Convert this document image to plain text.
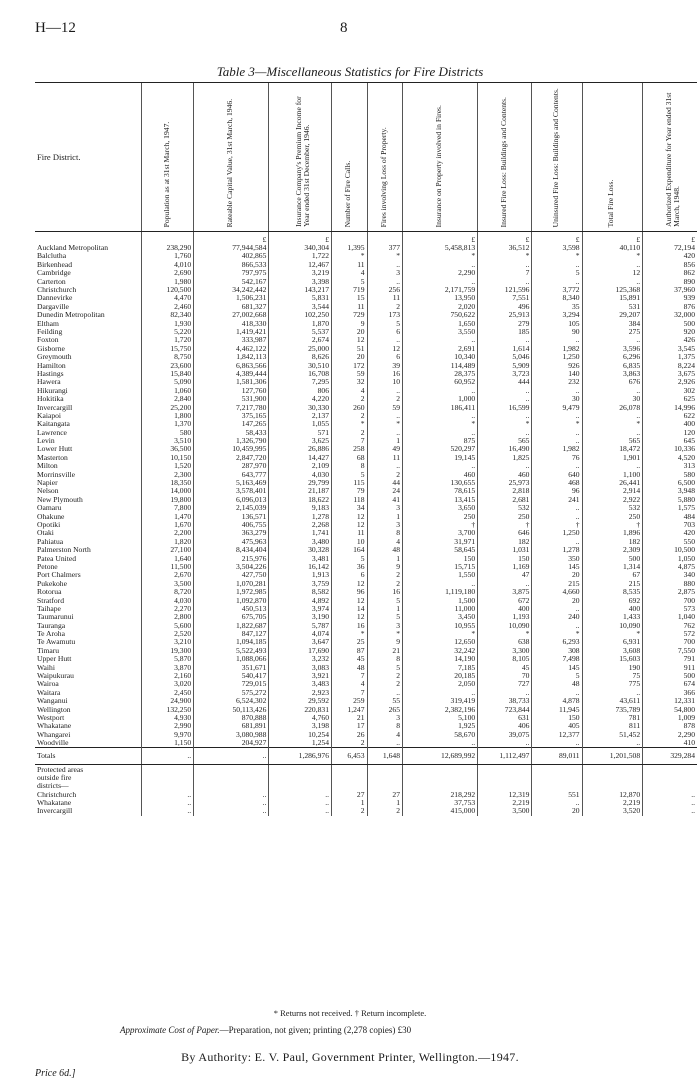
H—12	8
Table 3—Miscellaneous Statistics for Fire Districts
Fire District.	Population as at 31st March, 1947.	Rateable Capital Value, 31st March, 1946.	Insurance Company's Premium Income for Year ended 31st December, 1946.	Number of Fire Calls.	Fires involving Loss of Property.	Insurance on Property involved in Fires.	Insured Fire Loss: Buildings and Contents.	Uninsured Fire Loss: Buildings and Contents.	Total Fire Loss.	Authorized Expenditure for Year ended 31st March, 1948.

		£	£			£	£	£	£	£
Auckland Metropolitan	238,290	77,944,584	340,304	1,395	377	5,458,813	36,512	3,598	40,110	72,194
Balclutha	1,760	402,865	1,722	*	*	*	*	*	*	420
Birkenhead	4,010	866,533	12,467	11	..	..	..	..	..	856
Cambridge	2,690	797,975	3,219	4	3	2,290	7	5	12	862
Carterton	1,980	542,167	3,398	5	..	..	..	..	..	890
Christchurch	120,500	34,242,442	143,217	719	256	2,171,759	121,596	3,772	125,368	37,960
Dannevirke	4,470	1,506,231	5,831	15	11	13,950	7,551	8,340	15,891	939
Dargaville	2,460	681,327	3,544	11	2	2,020	496	35	531	876
Dunedin Metropolitan	82,340	27,002,668	102,250	729	173	750,622	25,913	3,294	29,207	32,000
Eltham	1,930	418,330	1,870	9	5	1,650	279	105	384	500
Feilding	5,220	1,419,421	5,537	20	6	3,550	185	90	275	920
Foxton	1,720	333,987	2,674	12	..	..	..	..	..	426
Gisborne	15,750	4,462,122	25,000	51	12	2,691	1,614	1,982	3,596	3,545
Greymouth	8,750	1,842,113	8,626	20	6	10,340	5,046	1,250	6,296	1,375
Hamilton	23,600	6,863,566	30,510	172	39	114,489	5,909	926	6,835	8,224
Hastings	15,840	4,389,444	16,708	59	16	28,375	3,723	140	3,863	3,675
Hawera	5,090	1,581,306	7,295	32	10	60,952	444	232	676	2,926
Hikurangi	1,060	127,760	806	4	..	..	..	..	..	302
Hokitika	2,840	531,900	4,220	2	2	1,000	..	30	30	625
Invercargill	25,200	7,217,780	30,330	260	59	186,411	16,599	9,479	26,078	14,996
Kaiapoi	1,800	375,165	2,137	2	..	..	..	..	..	622
Kaitangata	1,370	147,265	1,055	*	*	*	*	*	*	400
Lawrence	580	58,433	571	2	..	..	..	..	..	120
Levin	3,510	1,326,790	3,625	7	1	875	565	..	565	645
Lower Hutt	36,500	10,459,995	26,886	258	49	520,297	16,490	1,982	18,472	10,336
Masterton	10,150	2,847,720	14,427	68	11	19,145	1,825	76	1,901	4,520
Milton	1,520	287,970	2,109	8	..	..	..	..	..	313
Morrinsville	2,300	643,777	4,030	5	2	460	460	640	1,100	580
Napier	18,350	5,163,469	29,799	115	44	130,655	25,973	468	26,441	6,500
Nelson	14,000	3,578,401	21,187	79	24	78,615	2,818	96	2,914	3,948
New Plymouth	19,800	6,096,013	18,622	118	41	13,415	2,681	241	2,922	5,880
Oamaru	7,800	2,145,039	9,183	34	3	3,650	532	..	532	1,575
Ohakune	1,470	136,571	1,278	12	1	250	250	..	250	484
Opotiki	1,670	406,755	2,268	12	3	†	†	†	†	703
Otaki	2,200	363,279	1,741	11	8	3,700	646	1,250	1,896	420
Pahiatua	1,820	475,963	3,480	10	4	31,971	182	..	182	550
Palmerston North	27,100	8,434,404	30,328	164	48	58,645	1,031	1,278	2,309	10,500
Patea United	1,640	215,976	3,481	5	1	150	150	350	500	1,050
Petone	11,500	3,504,226	16,142	36	9	15,715	1,169	145	1,314	4,875
Port Chalmers	2,670	427,750	1,913	6	2	1,550	47	20	67	340
Pukekohe	3,500	1,070,281	3,759	12	2	..	..	215	215	880
Rotorua	8,720	1,972,985	8,582	96	16	1,119,180	3,875	4,660	8,535	2,875
Stratford	4,030	1,092,870	4,892	12	5	1,500	672	20	692	700
Taihape	2,270	450,513	3,974	14	1	11,000	400	..	400	573
Taumarunui	2,800	675,705	3,190	12	5	3,450	1,193	240	1,433	1,040
Tauranga	5,600	1,822,687	5,787	16	3	10,955	10,090	..	10,090	762
Te Aroha	2,520	847,127	4,074	*	*	*	*	*	*	572
Te Awamutu	3,210	1,094,185	3,647	25	9	12,650	638	6,293	6,931	700
Timaru	19,300	5,522,493	17,690	87	21	32,242	3,300	308	3,608	7,550
Upper Hutt	5,870	1,088,066	3,232	45	8	14,190	8,105	7,498	15,603	791
Waihi	3,870	351,671	3,083	48	5	7,185	45	145	190	911
Waipukurau	2,160	540,417	3,921	7	2	20,185	70	5	75	500
Wairoa	3,020	729,015	3,483	4	2	2,050	727	48	775	674
Waitara	2,450	575,272	2,923	7	..	..	..	..	..	366
Wanganui	24,900	6,524,302	29,592	259	55	319,419	38,733	4,878	43,611	12,331
Wellington	132,250	50,113,426	220,831	1,247	265	2,382,196	723,844	11,945	735,789	54,800
Westport	4,930	870,888	4,760	21	3	5,100	631	150	781	1,009
Whakatane	2,990	681,891	3,198	17	8	1,925	406	405	811	878
Whangarei	9,970	3,080,988	10,254	26	4	58,670	39,075	12,377	51,452	2,290
Woodville	1,150	204,927	1,254	2	..	..	..	..	..	410
Totals	..	..	1,286,976	6,453	1,648	12,689,992	1,112,497	89,011	1,201,508	329,284
Protected areas										
outside fire										
districts—										
Christchurch	..	..	..	27	27	218,292	12,319	551	12,870	..
Whakatane	..	..	..	1	1	37,753	2,219	..	2,219	..
Invercargill	..	..	..	2	2	415,000	3,500	20	3,520	..
* Returns not received. † Return incomplete.
Approximate Cost of Paper.—Preparation, not given; printing (2,278 copies) £30
By Authority: E. V. Paul, Government Printer, Wellington.—1947.
Price 6d.]
